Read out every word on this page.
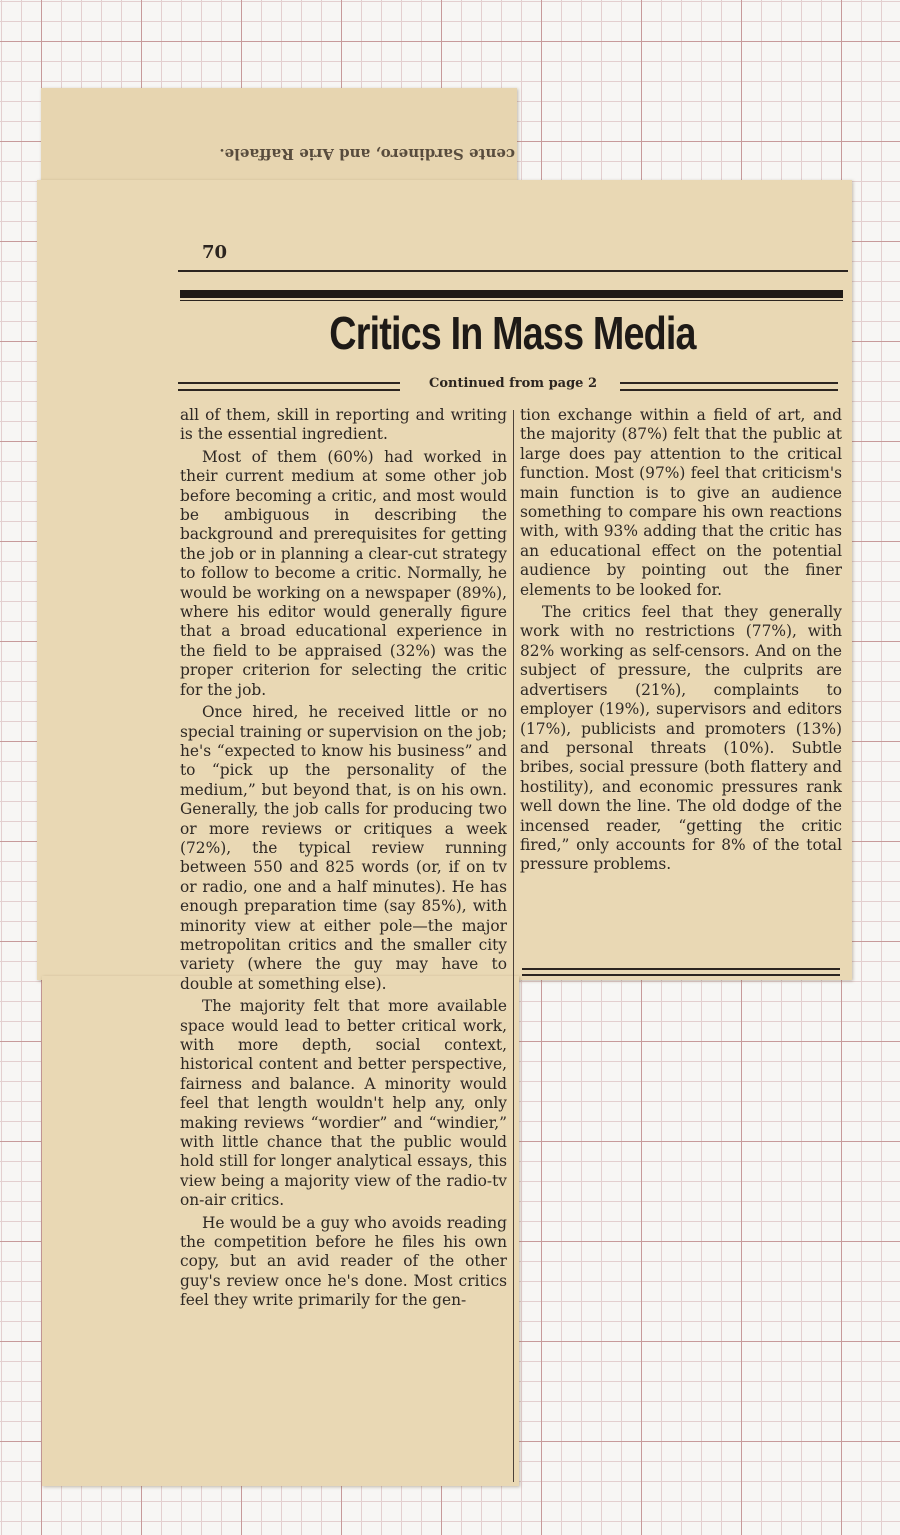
cente Sardinero, and Arie Raffaele.
70
Critics In Mass Media
Continued from page 2

all of them, skill in reporting and writing is the essential ingredient.

Most of them (60%) had worked in their current medium at some other job before becoming a critic, and most would be ambiguous in describing the background and prerequisites for getting the job or in planning a clear-cut strategy to follow to become a critic. Normally, he would be working on a newspaper (89%), where his editor would generally figure that a broad educational experience in the field to be appraised (32%) was the proper criterion for selecting the critic for the job.

Once hired, he received little or no special training or supervision on the job; he's “expected to know his business” and to “pick up the personality of the medium,” but beyond that, is on his own. Generally, the job calls for producing two or more reviews or critiques a week (72%), the typical review running between 550 and 825 words (or, if on tv or radio, one and a half minutes). He has enough preparation time (say 85%), with minority view at either pole—the major metropolitan critics and the smaller city variety (where the guy may have to double at something else).

The majority felt that more available space would lead to better critical work, with more depth, social context, historical content and better perspective, fairness and balance. A minority would feel that length wouldn't help any, only making reviews “wordier” and “windier,” with little chance that the public would hold still for longer analytical essays, this view being a majority view of the radio-tv on-air critics.

He would be a guy who avoids reading the competition before he files his own copy, but an avid reader of the other guy's review once he's done. Most critics feel they write primarily for the gen-

tion exchange within a field of art, and the majority (87%) felt that the public at large does pay attention to the critical function. Most (97%) feel that criticism's main function is to give an audience something to compare his own reactions with, with 93% adding that the critic has an educational effect on the potential audience by pointing out the finer elements to be looked for.

The critics feel that they generally work with no restrictions (77%), with 82% working as self-censors. And on the subject of pressure, the culprits are advertisers (21%), complaints to employer (19%), supervisors and editors (17%), publicists and promoters (13%) and personal threats (10%). Subtle bribes, social pressure (both flattery and hostility), and economic pressures rank well down the line. The old dodge of the incensed reader, “getting the critic fired,” only accounts for 8% of the total pressure problems.
